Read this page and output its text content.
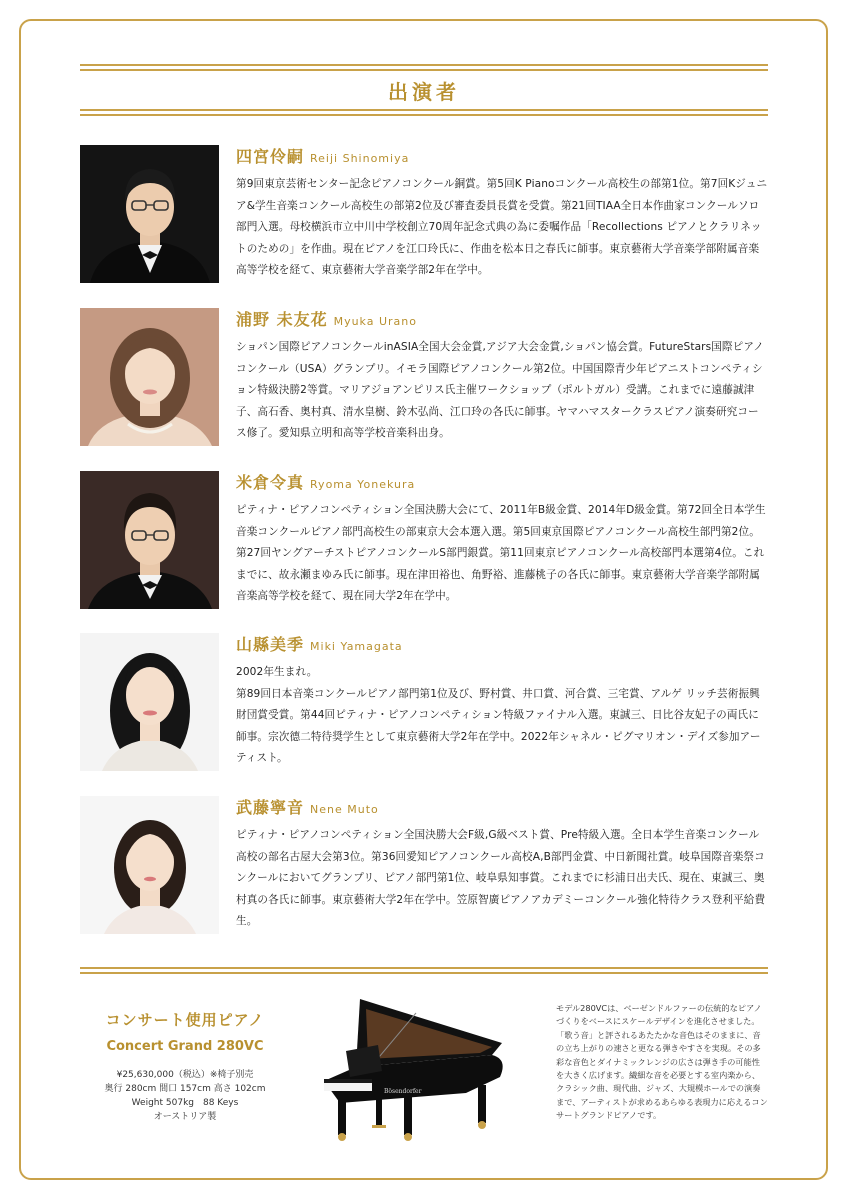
出演者
四宮伶嗣 Reiji Shinomiya
第9回東京芸術センター記念ピアノコンクール銅賞。第5回K Pianoコンクール高校生の部第1位。第7回Kジュニア&学生音楽コンクール高校生の部第2位及び審査委員長賞を受賞。第21回TIAA全日本作曲家コンクールソロ部門入選。母校横浜市立中川中学校創立70周年記念式典の為に委嘱作品「Recollections ピアノとクラリネットのための」を作曲。現在ピアノを江口玲氏に、作曲を松本日之春氏に師事。東京藝術大学音楽学部附属音楽高等学校を経て、東京藝術大学音楽学部2年在学中。
浦野 未友花 Myuka Urano
ショパン国際ピアノコンクールinASIA全国大会金賞,アジア大会金賞,ショパン協会賞。FutureStars国際ピアノコンクール（USA）グランプリ。イモラ国際ピアノコンクール第2位。中国国際青少年ピアニストコンペティション特級決勝2等賞。マリアジョアンピリス氏主催ワークショップ（ポルトガル）受講。これまでに遠藤誠津子、高石香、奥村真、清水皇樹、鈴木弘尚、江口玲の各氏に師事。ヤマハマスタークラスピアノ演奏研究コース修了。愛知県立明和高等学校音楽科出身。
米倉令真 Ryoma Yonekura
ピティナ・ピアノコンペティション全国決勝大会にて、2011年B級金賞、2014年D級金賞。第72回全日本学生音楽コンクールピアノ部門高校生の部東京大会本選入選。第5回東京国際ピアノコンクール高校生部門第2位。第27回ヤングアーチストピアノコンクールS部門銀賞。第11回東京ピアノコンクール高校部門本選第4位。これまでに、故永瀬まゆみ氏に師事。現在津田裕也、角野裕、進藤桃子の各氏に師事。東京藝術大学音楽学部附属音楽高等学校を経て、現在同大学2年在学中。
山縣美季 Miki Yamagata
2002年生まれ。
第89回日本音楽コンクールピアノ部門第1位及び、野村賞、井口賞、河合賞、三宅賞、アルゲ リッチ芸術振興財団賞受賞。第44回ピティナ・ピアノコンペティション特級ファイナル入選。東誠三、日比谷友妃子の両氏に師事。宗次德二特待奨学生として東京藝術大学2年在学中。2022年シャネル・ピグマリオン・デイズ参加アーティスト。
武藤寧音 Nene Muto
ピティナ・ピアノコンペティション全国決勝大会F級,G級ベスト賞、Pre特級入選。全日本学生音楽コンクール高校の部名古屋大会第3位。第36回愛知ピアノコンクール高校A,B部門金賞、中日新聞社賞。岐阜国際音楽祭コンクールにおいてグランプリ、ピアノ部門第1位、岐阜県知事賞。これまでに杉浦日出夫氏、現在、東誠三、奥村真の各氏に師事。東京藝術大学2年在学中。笠原智廣ピアノアカデミーコンクール強化特待クラス登利平給費生。
コンサート使用ピアノ
Concert Grand 280VC
¥25,630,000（税込）※椅子別売
奥行 280cm 間口 157cm 高さ 102cm
Weight 507kg　88 Keys
オーストリア製
Bösendorfer
モデル280VCは、ベーゼンドルファーの伝統的なピアノづくりをベースにスケールデザインを進化させました。「歌う音」と評されるあたたかな音色はそのままに、音の立ち上がりの速さと更なる弾きやすさを実現。その多彩な音色とダイナミックレンジの広さは弾き手の可能性を大きく広げます。繊細な音を必要とする室内楽から、クラシック曲、現代曲、ジャズ、大規模ホールでの演奏まで、アーティストが求めるあらゆる表現力に応えるコンサートグランドピアノです。
